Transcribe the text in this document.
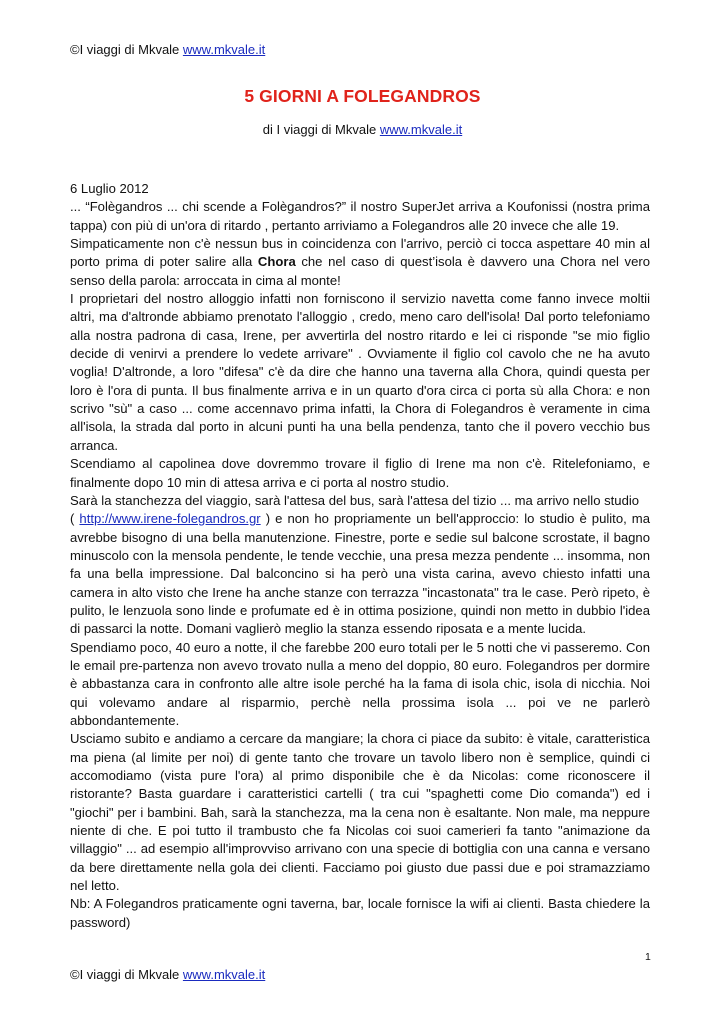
©I viaggi di Mkvale www.mkvale.it
5 GIORNI A FOLEGANDROS
di I viaggi di Mkvale www.mkvale.it

6 Luglio 2012

... “Folègandros ... chi scende a Folègandros?” il nostro SuperJet arriva a Koufonissi (nostra prima tappa) con più di un'ora di ritardo , pertanto arriviamo a Folegandros alle 20 invece che alle 19.

Simpaticamente non c'è nessun bus in coincidenza con l'arrivo, perciò ci tocca aspettare 40 min al porto prima di poter salire alla Chora che nel caso di quest’isola è davvero una Chora nel vero senso della parola: arroccata in cima al monte!

I proprietari del nostro alloggio infatti non forniscono il servizio navetta come fanno invece moltii altri, ma d'altronde abbiamo prenotato l'alloggio , credo, meno caro dell'isola! Dal porto telefoniamo alla nostra padrona di casa, Irene, per avvertirla del nostro ritardo e lei ci risponde "se mio figlio decide di venirvi a prendere lo vedete arrivare" . Ovviamente il figlio col cavolo che ne ha avuto voglia! D'altronde, a loro "difesa" c'è da dire che hanno una taverna alla Chora, quindi questa per loro è l'ora di punta. Il bus finalmente arriva e in un quarto d'ora circa ci porta sù alla Chora: e non scrivo "sù" a caso ... come accennavo prima infatti, la Chora di Folegandros è veramente in cima all'isola, la strada dal porto in alcuni punti ha una bella pendenza, tanto che il povero vecchio bus arranca.

Scendiamo al capolinea dove dovremmo trovare il figlio di Irene ma non c'è. Ritelefoniamo, e finalmente dopo 10 min di attesa arriva e ci porta al nostro studio.

Sarà la stanchezza del viaggio, sarà l'attesa del bus, sarà l'attesa del tizio ... ma arrivo nello studio
( http://www.irene-folegandros.gr ) e non ho propriamente un bell'approccio: lo studio è pulito, ma avrebbe bisogno di una bella manutenzione. Finestre, porte e sedie sul balcone scrostate, il bagno minuscolo con la mensola pendente, le tende vecchie, una presa mezza pendente ... insomma, non fa una bella impressione. Dal balconcino si ha però una vista carina, avevo chiesto infatti una camera in alto visto che Irene ha anche stanze con terrazza "incastonata" tra le case. Però ripeto, è pulito, le lenzuola sono linde e profumate ed è in ottima posizione, quindi non metto in dubbio l'idea di passarci la notte. Domani vaglierò meglio la stanza essendo riposata e a mente lucida.

Spendiamo poco, 40 euro a notte, il che farebbe 200 euro totali per le 5 notti che vi passeremo. Con le email pre-partenza non avevo trovato nulla a meno del doppio, 80 euro. Folegandros per dormire è abbastanza cara in confronto alle altre isole perché ha la fama di isola chic, isola di nicchia. Noi qui volevamo andare al risparmio, perchè nella prossima isola ... poi ve ne parlerò abbondantemente.

Usciamo subito e andiamo a cercare da mangiare; la chora ci piace da subito: è vitale, caratteristica ma piena (al limite per noi) di gente tanto che trovare un tavolo libero non è semplice, quindi ci accomodiamo (vista pure l'ora) al primo disponibile che è da Nicolas: come riconoscere il ristorante? Basta guardare i caratteristici cartelli ( tra cui "spaghetti come Dio comanda") ed i "giochi" per i bambini. Bah, sarà la stanchezza, ma la cena non è esaltante. Non male, ma neppure niente di che. E poi tutto il trambusto che fa Nicolas coi suoi camerieri fa tanto "animazione da villaggio" ... ad esempio all'improvviso arrivano con una specie di bottiglia con una canna e versano da bere direttamente nella gola dei clienti. Facciamo poi giusto due passi due e poi stramazziamo nel letto.

Nb: A Folegandros praticamente ogni taverna, bar, locale fornisce la wifi ai clienti. Basta chiedere la password)

1
©I viaggi di Mkvale www.mkvale.it
